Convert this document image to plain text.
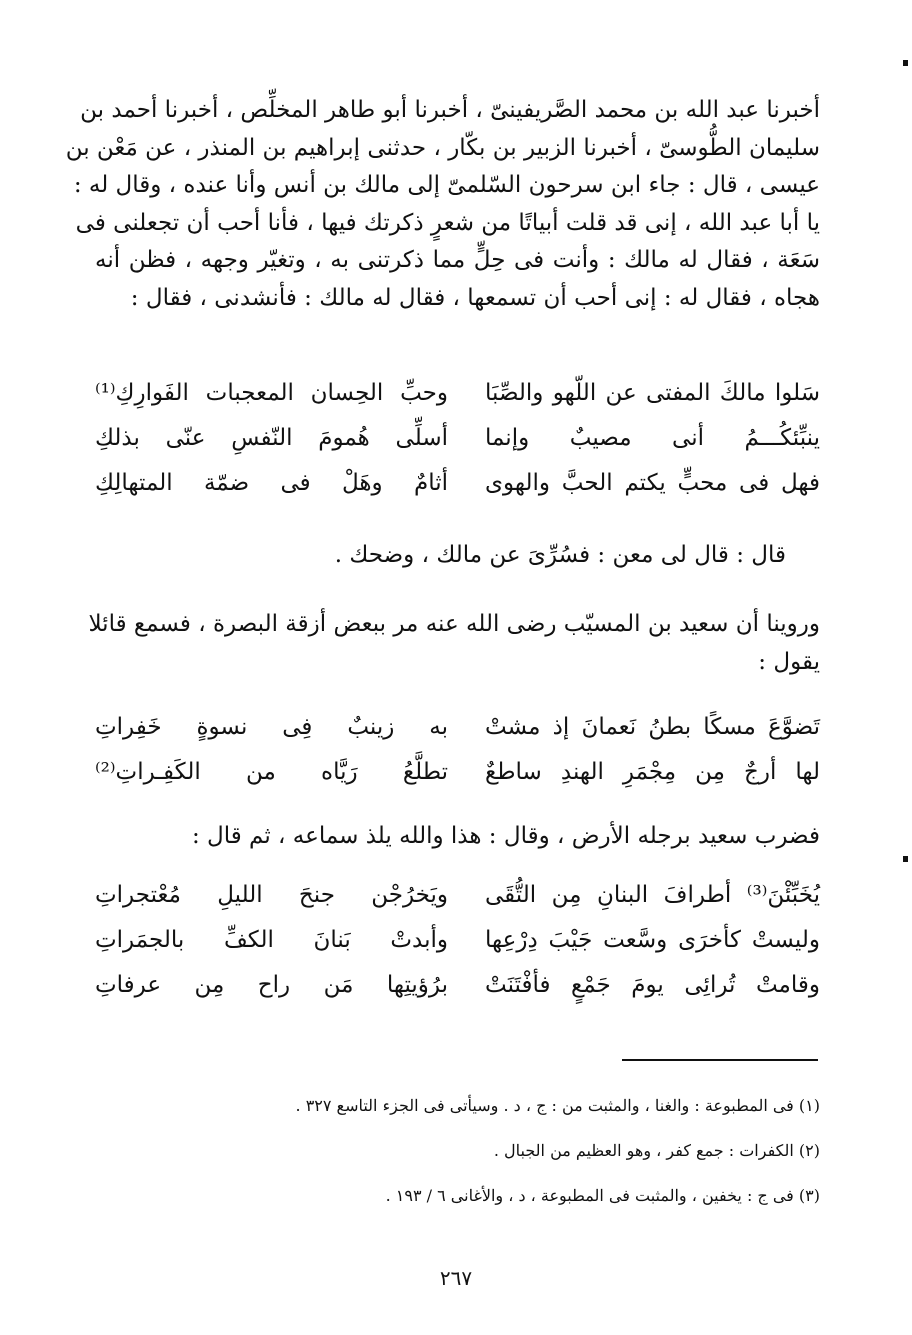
أخبرنا عبد الله بن محمد الصَّريفينىّ ، أخبرنا أبو طاهر المخلِّص ، أخبرنا أحمد بن
سليمان الطُّوسىّ ، أخبرنا الزبير بن بكّار ، حدثنى إبراهيم بن المنذر ، عن مَعْن بن
عيسى ، قال : جاء ابن سرحون السّلمىّ إلى مالك بن أنس وأنا عنده ، وقال له :
يا أبا عبد الله ، إنى قد قلت أبياتًا من شعرٍ ذكرتك فيها ، فأنا أحب أن تجعلنى فى
سَعَة ، فقال له مالك : وأنت فى حِلٍّ مما ذكرتنى به ، وتغيّر وجهه ، فظن أنه
هجاه ، فقال له : إنى أحب أن تسمعها ، فقال له مالك : فأنشدنى ، فقال :
سَلوا مالكَ المفتى عن اللّهو والصِّبَا
وحبِّ الحِسان المعجبات الفَوارِكِ⁽¹⁾
ينبِّئكُـــمُ أنى مصيبٌ وإنما
أسلِّى هُمومَ النّفسِ عنّى بذلكِ
فهل فى محبٍّ يكتم الحبَّ والهوى
أثامٌ وهَلْ فى ضمّة المتهالِكِ
قال : قال لى معن : فسُرِّىَ عن مالك ، وضحك .
وروينا أن سعيد بن المسيّب رضى الله عنه مر ببعض أزقة البصرة ، فسمع قائلا
يقول :
تَضوَّعَ مسكًا بطنُ نَعمانَ إذ مشتْ
به زينبٌ فِى نسوةٍ خَفِراتِ
لها أرجٌ مِن مِجْمَرِ الهندِ ساطعٌ
تطلَّعُ رَيَّاه من الكَفِـراتِ⁽²⁾
فضرب سعيد برجله الأرض ، وقال : هذا والله يلذ سماعه ، ثم قال :
يُخَبِّئْنَ⁽³⁾ أطرافَ البنانِ مِن التُّقَى
ويَخرُجْن جنحَ الليلِ مُعْتجراتِ
وليستْ كأخرَى وسَّعت جَيْبَ دِرْعِها
وأبدتْ بَنانَ الكفِّ بالجمَراتِ
وقامتْ تُرائِى يومَ جَمْعٍ فأفْتَنَتْ
برُؤيتِها مَن راح مِن عرفاتِ
(١) فى المطبوعة : والغنا ، والمثبت من : ج ، د . وسيأتى فى الجزء التاسع ٣٢٧ .
(٢) الكفرات : جمع كفر ، وهو العظيم من الجبال .
(٣) فى ج : يخفين ، والمثبت فى المطبوعة ، د ، والأغانى ٦ / ١٩٣ .
٢٦٧
